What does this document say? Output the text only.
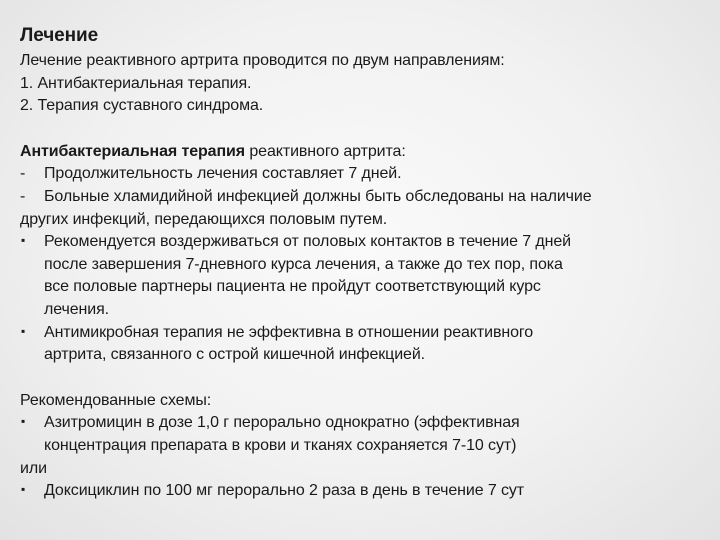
Лечение

Лечение реактивного артрита проводится по двум направлениям:

1. Антибактериальная терапия.

2. Терапия суставного синдрома.

Антибактериальная терапия реактивного артрита:

- Продолжительность лечения составляет 7 дней.
- Больные хламидийной инфекцией должны быть обследованы на наличие

других инфекций, передающихся половым путем.

▪ Рекомендуется воздерживаться от половых контактов в течение 7 дней

после завершения 7-дневного курса лечения, а также до тех пор, пока

все половые партнеры пациента не пройдут соответствующий курс

лечения.

▪ Антимикробная терапия не эффективна в отношении реактивного

артрита, связанного с острой кишечной инфекцией.

Рекомендованные схемы:

▪ Азитромицин в дозе 1,0 г перорально однократно (эффективная

концентрация препарата в крови и тканях сохраняется 7-10 сут)

или

▪ Доксициклин по 100 мг перорально 2 раза в день в течение 7 сут
